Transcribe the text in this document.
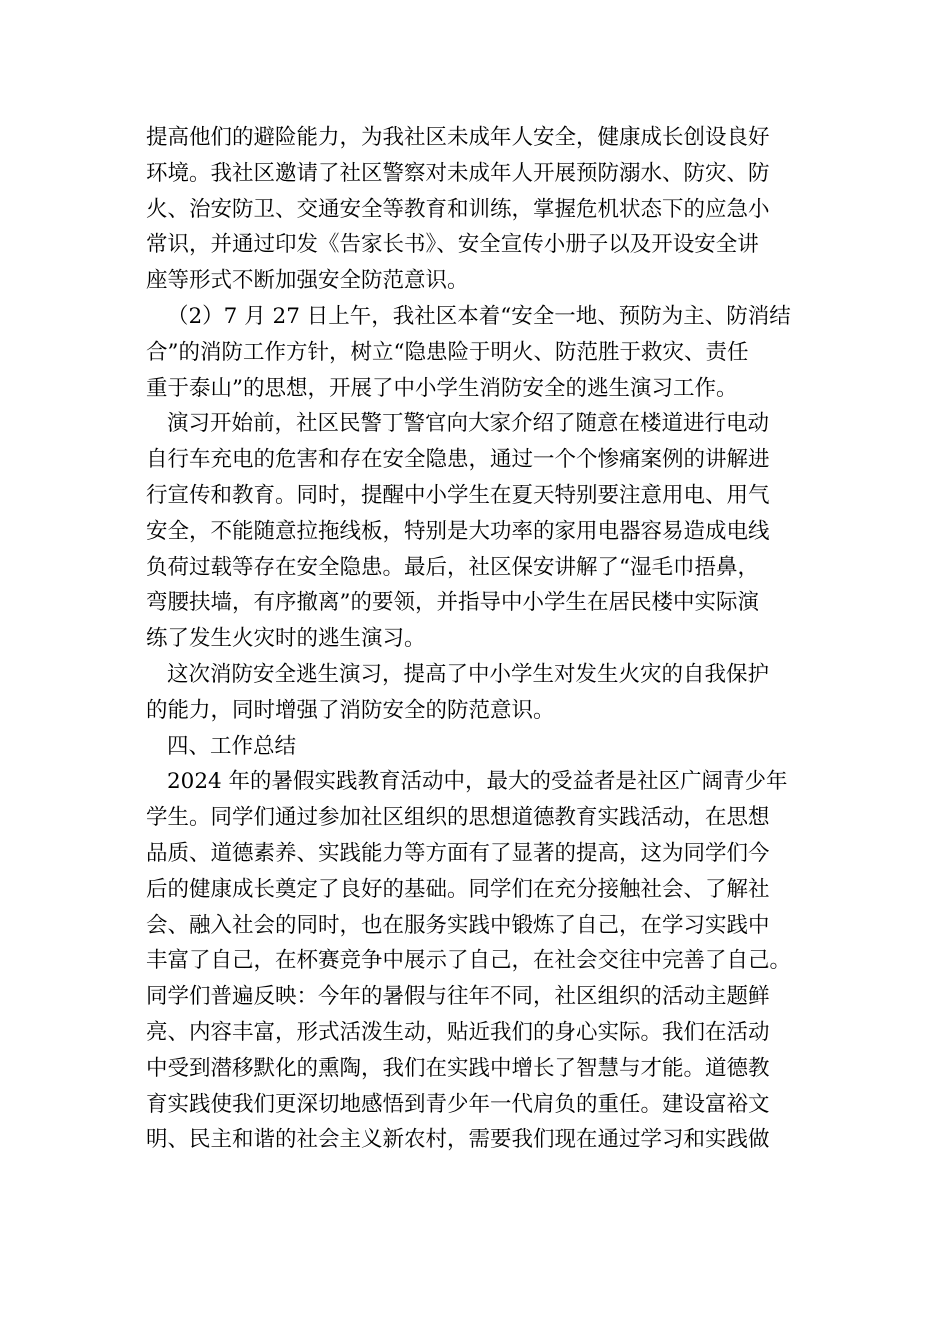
提高他们的避险能力，为我社区未成年人安全，健康成长创设良好
环境。我社区邀请了社区警察对未成年人开展预防溺水、防灾、防
火、治安防卫、交通安全等教育和训练，掌握危机状态下的应急小
常识，并通过印发《告家长书》、安全宣传小册子以及开设安全讲
座等形式不断加强安全防范意识。
（2）7 月 27 日上午，我社区本着“安全一地、预防为主、防消结
合”的消防工作方针，树立“隐患险于明火、防范胜于救灾、责任
重于泰山”的思想，开展了中小学生消防安全的逃生演习工作。
演习开始前，社区民警丁警官向大家介绍了随意在楼道进行电动
自行车充电的危害和存在安全隐患，通过一个个惨痛案例的讲解进
行宣传和教育。同时，提醒中小学生在夏天特别要注意用电、用气
安全，不能随意拉拖线板，特别是大功率的家用电器容易造成电线
负荷过载等存在安全隐患。最后，社区保安讲解了“湿毛巾捂鼻，
弯腰扶墙，有序撤离”的要领，并指导中小学生在居民楼中实际演
练了发生火灾时的逃生演习。
这次消防安全逃生演习，提高了中小学生对发生火灾的自我保护
的能力，同时增强了消防安全的防范意识。
四、工作总结
2024 年的暑假实践教育活动中，最大的受益者是社区广阔青少年
学生。同学们通过参加社区组织的思想道德教育实践活动，在思想
品质、道德素养、实践能力等方面有了显著的提高，这为同学们今
后的健康成长奠定了良好的基础。同学们在充分接触社会、了解社
会、融入社会的同时，也在服务实践中锻炼了自己，在学习实践中
丰富了自己，在杯赛竞争中展示了自己，在社会交往中完善了自己。
同学们普遍反映：今年的暑假与往年不同，社区组织的活动主题鲜
亮、内容丰富，形式活泼生动，贴近我们的身心实际。我们在活动
中受到潜移默化的熏陶，我们在实践中增长了智慧与才能。道德教
育实践使我们更深切地感悟到青少年一代肩负的重任。建设富裕文
明、民主和谐的社会主义新农村，需要我们现在通过学习和实践做
